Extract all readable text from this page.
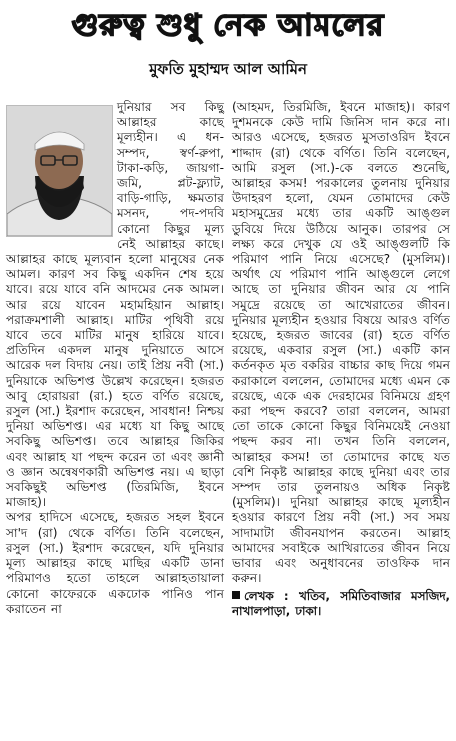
গুরুত্ব শুধু নেক আমলের
মুফতি মুহাম্মদ আল আমিন

দুনিয়ার সব কিছু আল্লাহর কাছে মূল্যহীন। এ ধন-সম্পদ, স্বর্ণ-রুপা, টাকা-কড়ি, জায়গা-জমি, প্লট-ফ্ল্যাট, বাড়ি-গাড়ি, ক্ষমতার মসনদ, পদ-পদবি কোনো কিছুর মূল্য নেই আল্লাহর কাছে। আল্লাহর কাছে মূল্যবান হলো মানুষের নেক আমল। কারণ সব কিছু একদিন শেষ হয়ে যাবে। রয়ে যাবে বনি আদমের নেক আমল। আর রয়ে যাবেন মহামহিয়ান আল্লাহ। পরাক্রমশালী আল্লাহ। মাটির পৃথিবী রয়ে যাবে তবে মাটির মানুষ হারিয়ে যাবে। প্রতিদিন একদল মানুষ দুনিয়াতে আসে আরেক দল বিদায় নেয়। তাই প্রিয় নবী (সা.) দুনিয়াকে অভিশপ্ত উল্লেখ করেছেন। হজরত আবু হোরায়রা (রা.) হতে বর্ণিত রয়েছে, রসুল (সা.) ইরশাদ করেছেন, সাবধান! নিশ্চয় দুনিয়া অভিশপ্ত। এর মধ্যে যা কিছু আছে সবকিছু অভিশপ্ত। তবে আল্লাহর জিকির এবং আল্লাহ যা পছন্দ করেন তা এবং জ্ঞানী ও জ্ঞান অন্বেষণকারী অভিশপ্ত নয়। এ ছাড়া সবকিছুই অভিশপ্ত (তিরমিজি, ইবনে মাজাহ)।

অপর হাদিসে এসেছে, হজরত সহল ইবনে সা'দ (রা) থেকে বর্ণিত। তিনি বলেছেন, রসুল (সা.) ইরশাদ করেছেন, যদি দুনিয়ার মূল্য আল্লাহর কাছে মাছির একটি ডানা পরিমাণও হতো তাহলে আল্লাহতায়ালা কোনো কাফেরকে একঢোক পানিও পান করাতেন না

(আহমদ, তিরমিজি, ইবনে মাজাহ)। কারণ দুশমনকে কেউ দামি জিনিস দান করে না। আরও এসেছে, হজরত মুসতাওরিদ ইবনে শাদ্দাদ (রা) থেকে বর্ণিত। তিনি বলেছেন, আমি রসুল (সা.)-কে বলতে শুনেছি, আল্লাহর কসম! পরকালের তুলনায় দুনিয়ার উদাহরণ হলো, যেমন তোমাদের কেউ মহাসমুদ্রের মধ্যে তার একটি আঙ্গুল ডুবিয়ে দিয়ে উঠিয়ে আনুক। তারপর সে লক্ষ্য করে দেখুক যে ওই আঙ্গুলটি কি পরিমাণ পানি নিয়ে এসেছে? (মুসলিম)। অর্থাৎ যে পরিমাণ পানি আঙ্গুলে লেগে আছে তা দুনিয়ার জীবন আর যে পানি সমুদ্রে রয়েছে তা আখেরাতের জীবন। দুনিয়ার মূল্যহীন হওয়ার বিষয়ে আরও বর্ণিত হয়েছে, হজরত জাবের (রা) হতে বর্ণিত রয়েছে, একবার রসুল (সা.) একটি কান কর্তনকৃত মৃত বকরির বাচ্চার কাছ দিয়ে গমন করাকালে বললেন, তোমাদের মধ্যে এমন কে রয়েছে, একে এক দেরহামের বিনিময়ে গ্রহণ করা পছন্দ করবে? তারা বললেন, আমরা তো তাকে কোনো কিছুর বিনিময়েই নেওয়া পছন্দ করব না। তখন তিনি বললেন, আল্লাহর কসম! তা তোমাদের কাছে যত বেশি নিকৃষ্ট আল্লাহর কাছে দুনিয়া এবং তার সম্পদ তার তুলনায়ও অধিক নিকৃষ্ট (মুসলিম)। দুনিয়া আল্লাহর কাছে মূল্যহীন হওয়ার কারণে প্রিয় নবী (সা.) সব সময় সাদামাটা জীবনযাপন করতেন। আল্লাহ আমাদের সবাইকে আখিরাতের জীবন নিয়ে ভাবার এবং অনুধাবনের তাওফিক দান করুন।

লেখক : খতিব, সমিতিবাজার মসজিদ, নাখালপাড়া, ঢাকা।
